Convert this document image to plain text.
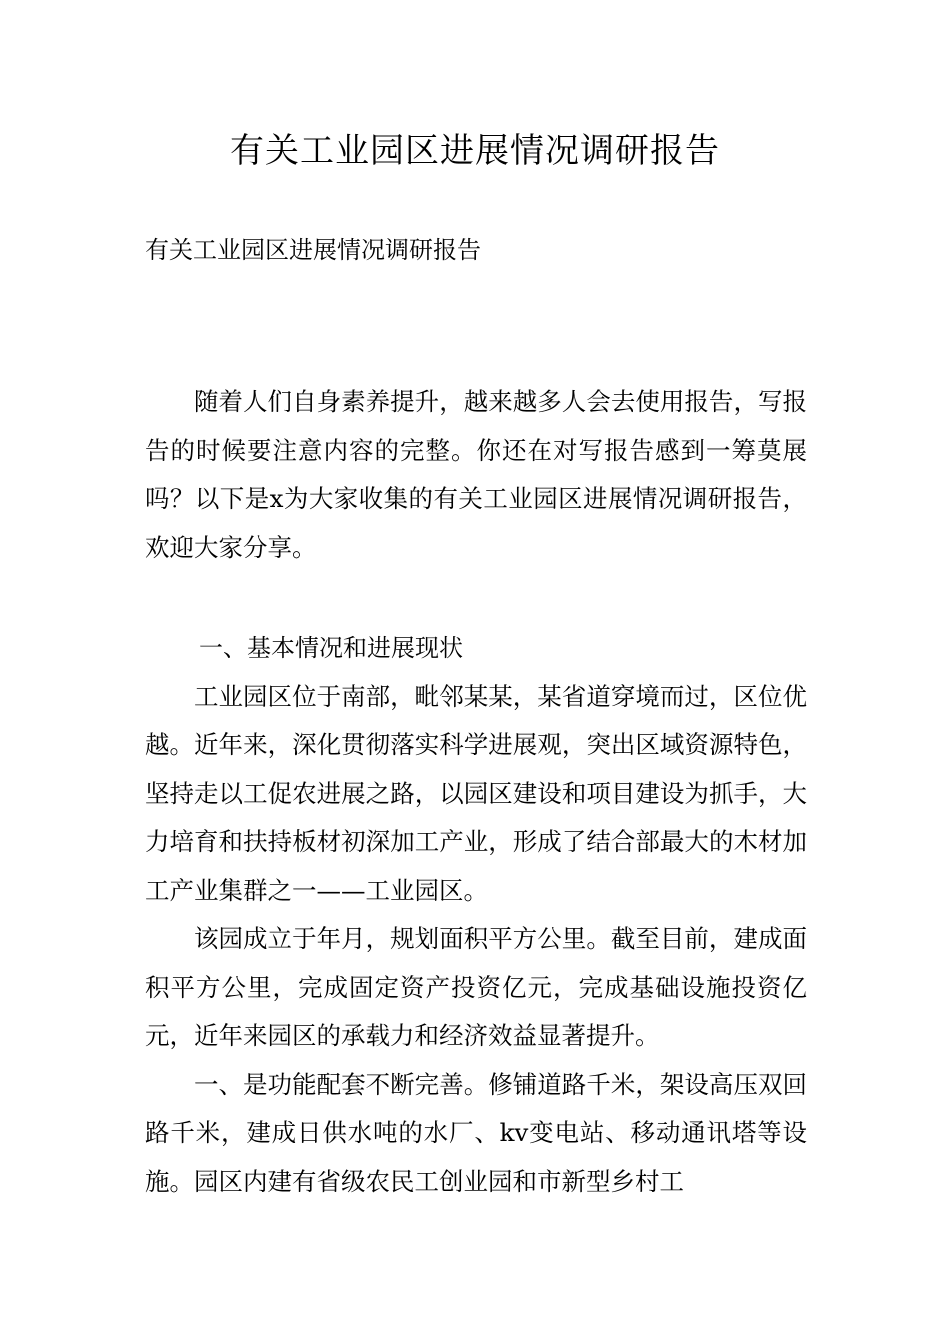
有关工业园区进展情况调研报告

有关工业园区进展情况调研报告

随着人们自身素养提升，越来越多人会去使用报告，写报告的时候要注意内容的完整。你还在对写报告感到一筹莫展吗？以下是x为大家收集的有关工业园区进展情况调研报告，欢迎大家分享。

一、基本情况和进展现状

工业园区位于南部，毗邻某某，某省道穿境而过，区位优越。近年来，深化贯彻落实科学进展观，突出区域资源特色，坚持走以工促农进展之路，以园区建设和项目建设为抓手，大力培育和扶持板材初深加工产业，形成了结合部最大的木材加工产业集群之一——工业园区。

该园成立于年月，规划面积平方公里。截至目前，建成面积平方公里，完成固定资产投资亿元，完成基础设施投资亿元，近年来园区的承载力和经济效益显著提升。

一、是功能配套不断完善。修铺道路千米，架设高压双回路千米，建成日供水吨的水厂、kv变电站、移动通讯塔等设施。园区内建有省级农民工创业园和市新型乡村工
